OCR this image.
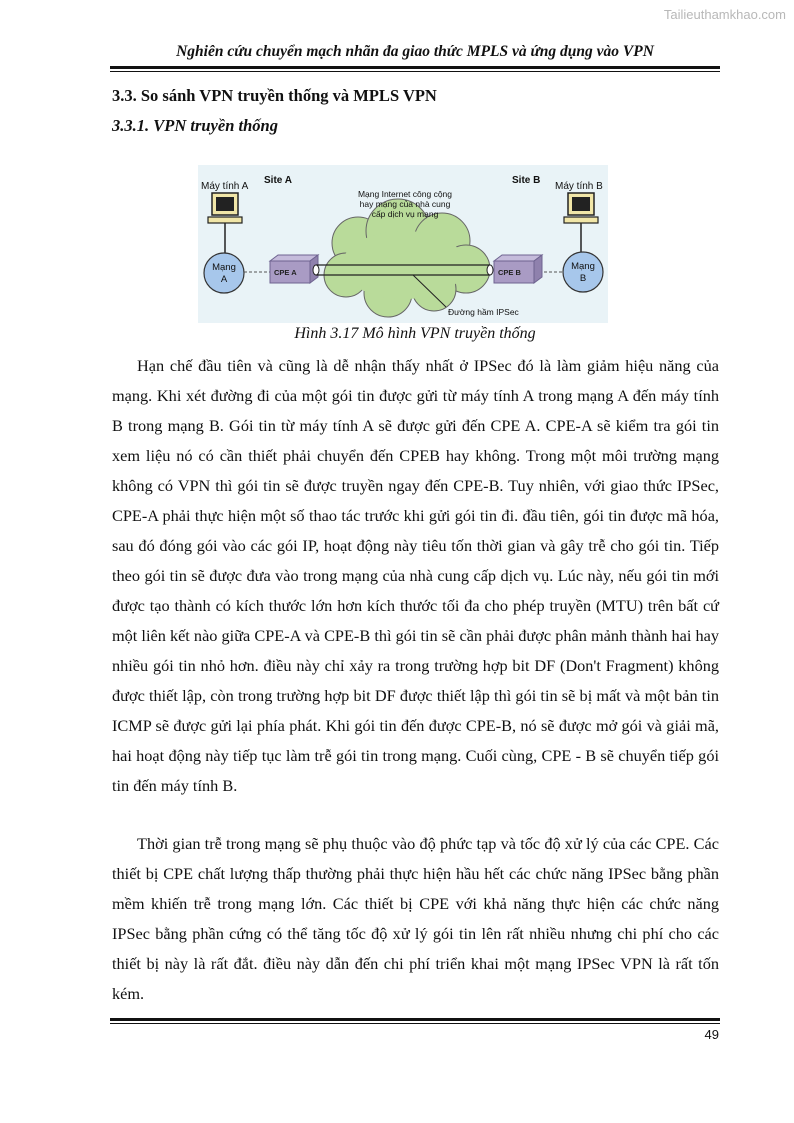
Tailieuthamkhao.com
Nghiên cứu chuyển mạch nhãn đa giao thức MPLS và ứng dụng vào VPN
3.3. So sánh VPN truyền thống và MPLS VPN
3.3.1. VPN truyền thống
Máy tính A
Site A	Site B
Máy tính B
Mạng
A
Mạng
B
CPE A	CPE B
Mạng Internet công cộng
hay mạng của nhà cung
cấp dịch vụ mạng
Đường hầm IPSec
Hình 3.17 Mô hình VPN truyền thống

Hạn chế đầu tiên và cũng là dễ nhận thấy nhất ở IPSec đó là làm giảm hiệu năng của mạng. Khi xét đường đi của một gói tin được gửi từ máy tính A trong mạng A đến máy tính B trong mạng B. Gói tin từ máy tính A sẽ được gửi đến CPE A. CPE-A sẽ kiểm tra gói tin xem liệu nó có cần thiết phải chuyển đến CPEB hay không. Trong một môi trường mạng không có VPN thì gói tin sẽ được truyền ngay đến CPE-B. Tuy nhiên, với giao thức IPSec, CPE-A phải thực hiện một số thao tác trước khi gửi gói tin đi. đầu tiên, gói tin được mã hóa, sau đó đóng gói vào các gói IP, hoạt động này tiêu tốn thời gian và gây trễ cho gói tin. Tiếp theo gói tin sẽ được đưa vào trong mạng của nhà cung cấp dịch vụ. Lúc này, nếu gói tin mới được tạo thành có kích thước lớn hơn kích thước tối đa cho phép truyền (MTU) trên bất cứ một liên kết nào giữa CPE-A và CPE-B thì gói tin sẽ cần phải được phân mảnh thành hai hay nhiều gói tin nhỏ hơn. điều này chỉ xảy ra trong trường hợp bit DF (Don't Fragment) không được thiết lập, còn trong trường hợp bit DF được thiết lập thì gói tin sẽ bị mất và một bản tin ICMP sẽ được gửi lại phía phát. Khi gói tin đến được CPE-B, nó sẽ được mở gói và giải mã, hai hoạt động này tiếp tục làm trễ gói tin trong mạng. Cuối cùng, CPE - B sẽ chuyển tiếp gói tin đến máy tính B.

Thời gian trễ trong mạng sẽ phụ thuộc vào độ phức tạp và tốc độ xử lý của các CPE. Các thiết bị CPE chất lượng thấp thường phải thực hiện hầu hết các chức năng IPSec bằng phần mềm khiến trễ trong mạng lớn. Các thiết bị CPE với khả năng thực hiện các chức năng IPSec bằng phần cứng có thể tăng tốc độ xử lý gói tin lên rất nhiều nhưng chi phí cho các thiết bị này là rất đắt. điều này dẫn đến chi phí triển khai một mạng IPSec VPN là rất tốn kém.

49
